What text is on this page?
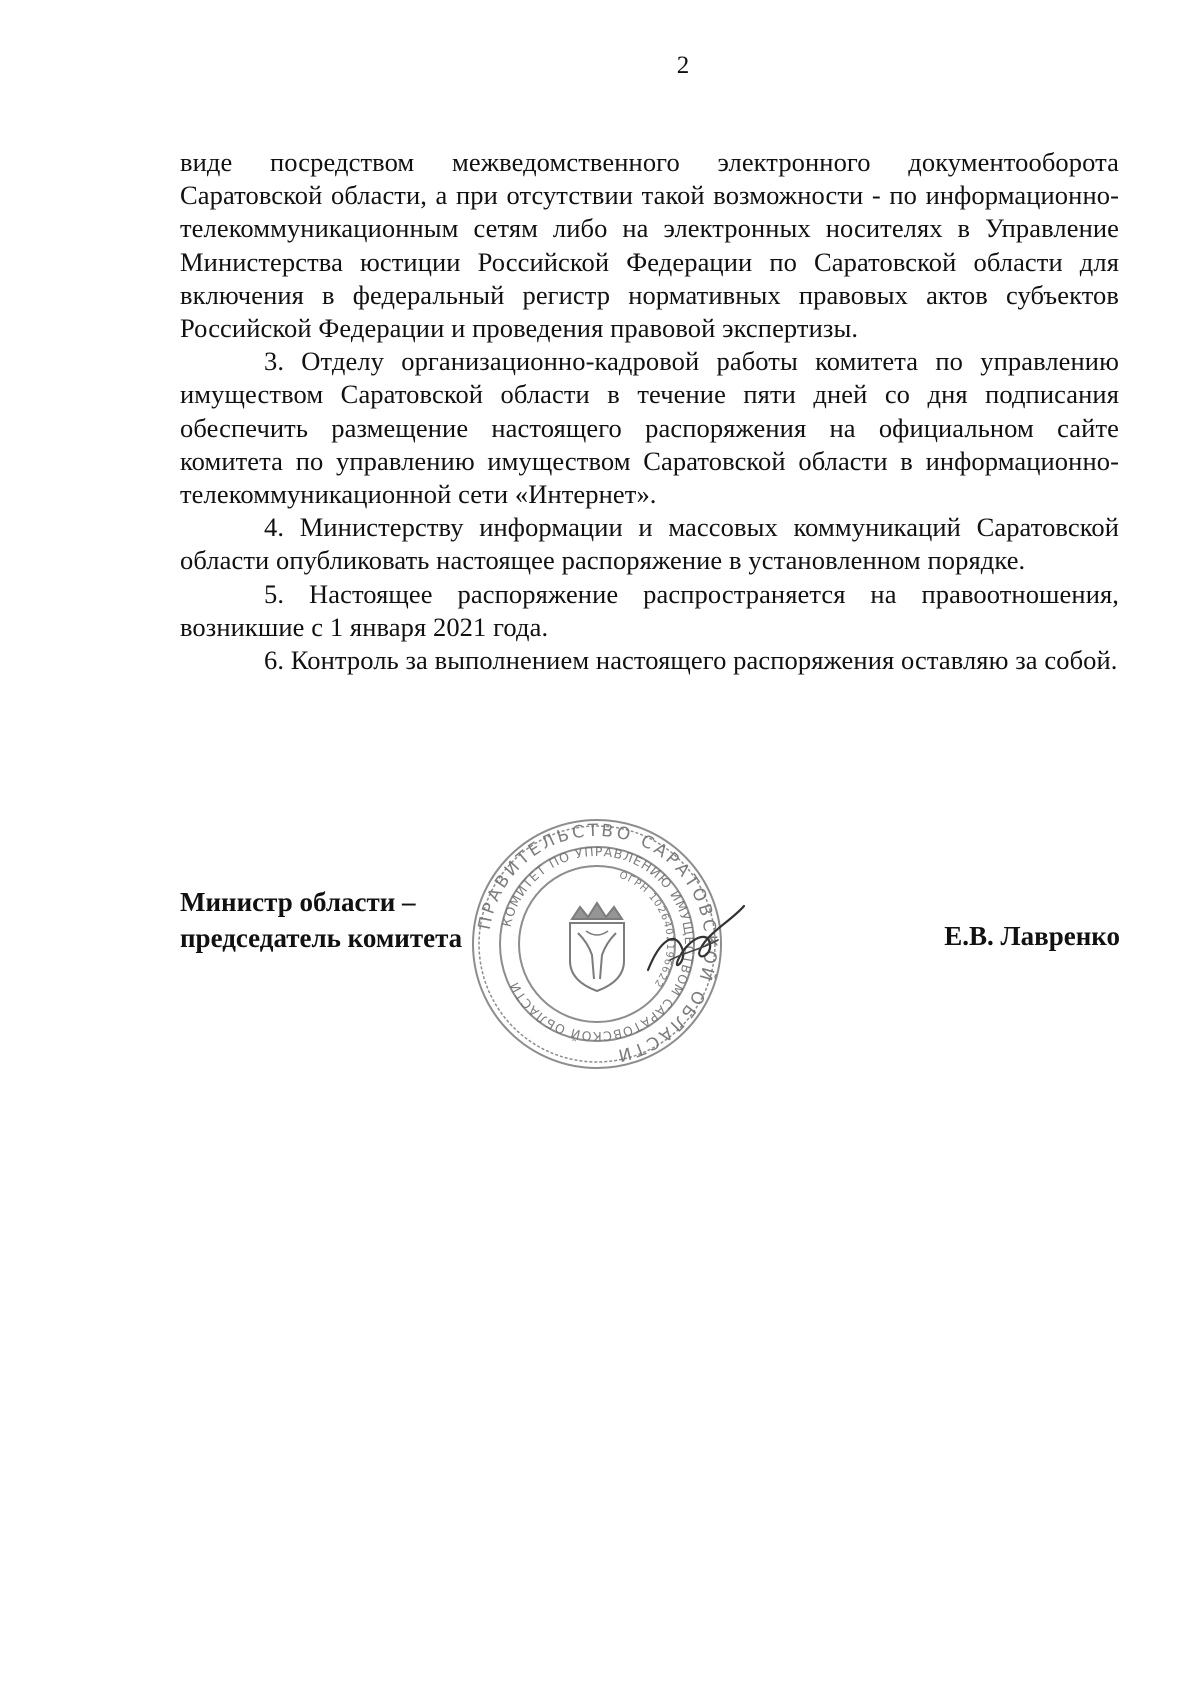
2

виде посредством межведомственного электронного документооборота Саратовской области, а при отсутствии такой возможности - по информационно-телекоммуникационным сетям либо на электронных носителях в Управление Министерства юстиции Российской Федерации по Саратовской области для включения в федеральный регистр нормативных правовых актов субъектов Российской Федерации и проведения правовой экспертизы.

3. Отделу организационно-кадровой работы комитета по управлению имуществом Саратовской области в течение пяти дней со дня подписания обеспечить размещение настоящего распоряжения на официальном сайте комитета по управлению имуществом Саратовской области в информационно-телекоммуникационной сети «Интернет».

4. Министерству информации и массовых коммуникаций Саратовской области опубликовать настоящее распоряжение в установленном порядке.

5. Настоящее распоряжение распространяется на правоотношения, возникшие с 1 января 2021 года.

6. Контроль за выполнением настоящего распоряжения оставляю за собой.

Министр области –
председатель комитета	Е.В. Лавренко
ПРАВИТЕЛЬСТВО САРАТОВСКОЙ ОБЛАСТИ
КОМИТЕТ ПО УПРАВЛЕНИЮ ИМУЩЕСТВОМ САРАТОВСКОЙ ОБЛАСТИ
ОГРН 1026402196622
